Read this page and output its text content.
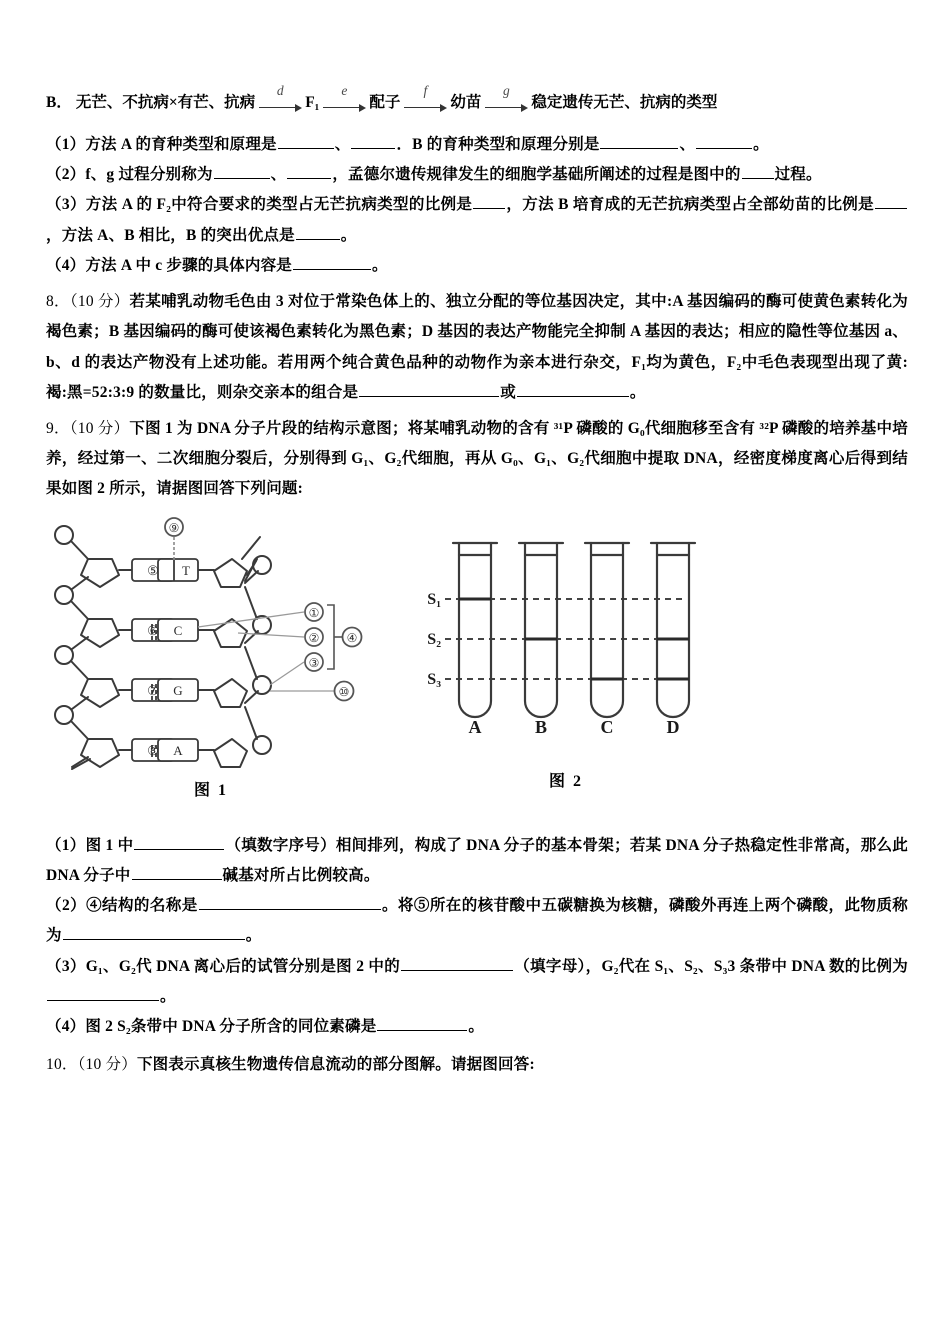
B． 无芒、不抗病×有芒、抗病
d
F₁
e
配子
f
幼苗
g
稳定遗传无芒、抗病的类型
（1）方法 A 的育种类型和原理是	、	．B 的育种类型和原理分别是	、	。
（2）f、g 过程分别称为	、	，孟德尔遗传规律发生的细胞学基础所阐述的过程是图中的 过程。
（3）方法 A 的 F₂中符合要求的类型占无芒抗病类型的比例是 ，方法 B 培育成的无芒抗病类型占全部幼苗的比例是，方法 A、B 相比，B 的突出优点是	。
（4）方法 A 中 c 步骤的具体内容是	。
8．（10 分）若某哺乳动物毛色由 3 对位于常染色体上的、独立分配的等位基因决定，其中:A 基因编码的酶可使黄色素转化为褐色素；B 基因编码的酶可使该褐色素转化为黑色素；D 基因的表达产物能完全抑制 A 基因的表达；相应的隐性等位基因 a、b、d 的表达产物没有上述功能。若用两个纯合黄色品种的动物作为亲本进行杂交，F₁均为黄色，F₂中毛色表现型出现了黄:褐:黑=52:3:9 的数量比，则杂交亲本的组合是	或	。
9．（10 分）下图 1 为 DNA 分子片段的结构示意图；将某哺乳动物的含有 ³¹P 磷酸的 G₀代细胞移至含有 ³²P 磷酸的培养基中培养，经过第一、二次细胞分裂后，分别得到 G₁、G₂代细胞，再从 G₀、G₁、G₂代细胞中提取 DNA，经密度梯度离心后得到结果如图 2 所示，请据图回答下列问题:
⑤
⑥
⑦
⑧
T
C
G
A
⑨
①
②
③
④
⑩
图 1
S₁
S₂
S₃
A	B	C	D
图 2
（1）图 1 中	（填数字序号）相间排列，构成了 DNA 分子的基本骨架；若某 DNA 分子热稳定性非常高，那么此 DNA 分子中	碱基对所占比例较高。
（2）④结构的名称是	。将⑤所在的核苷酸中五碳糖换为核糖，磷酸外再连上两个磷酸，此物质称为	。
（3）G₁、G₂代 DNA 离心后的试管分别是图 2 中的	（填字母），G₂代在 S₁、S₂、S₃3 条带中 DNA 数的比例为。
（4）图 2 S₂条带中 DNA 分子所含的同位素磷是	。
10．（10 分）下图表示真核生物遗传信息流动的部分图解。请据图回答:
